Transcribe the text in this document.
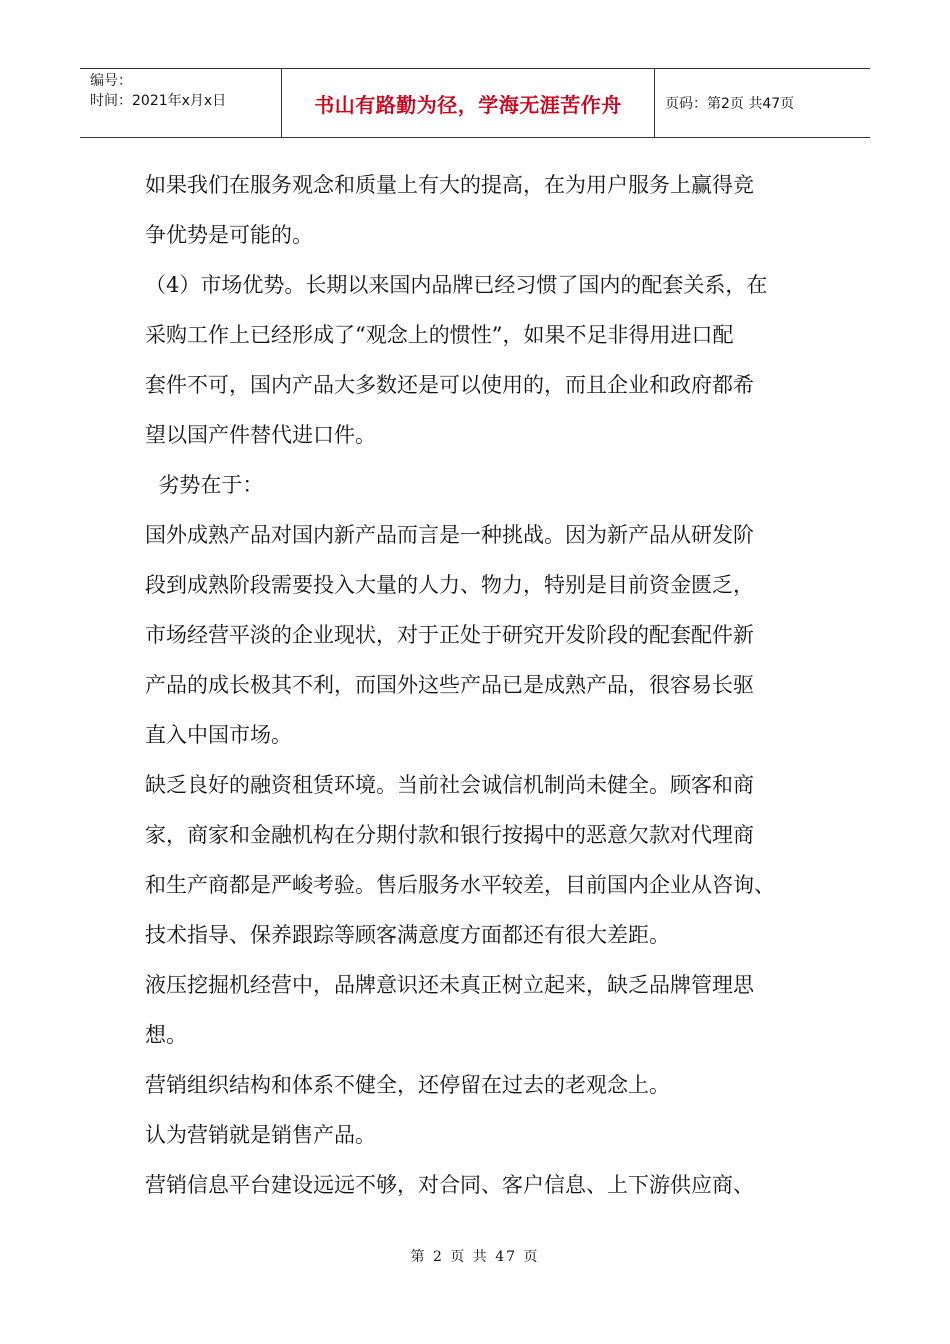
编号：
时间：2021年x月x日	书山有路勤为径，学海无涯苦作舟	页码：第2页 共47页

如果我们在服务观念和质量上有大的提高，在为用户服务上赢得竞

争优势是可能的。

（4）市场优势。长期以来国内品牌已经习惯了国内的配套关系，在

采购工作上已经形成了“观念上的惯性”，如果不足非得用进口配

套件不可，国内产品大多数还是可以使用的，而且企业和政府都希

望以国产件替代进口件。

劣势在于：

国外成熟产品对国内新产品而言是一种挑战。因为新产品从研发阶

段到成熟阶段需要投入大量的人力、物力，特别是目前资金匮乏，

市场经营平淡的企业现状，对于正处于研究开发阶段的配套配件新

产品的成长极其不利，而国外这些产品已是成熟产品，很容易长驱

直入中国市场。

缺乏良好的融资租赁环境。当前社会诚信机制尚未健全。顾客和商

家，商家和金融机构在分期付款和银行按揭中的恶意欠款对代理商

和生产商都是严峻考验。售后服务水平较差，目前国内企业从咨询、

技术指导、保养跟踪等顾客满意度方面都还有很大差距。

液压挖掘机经营中，品牌意识还未真正树立起来，缺乏品牌管理思

想。

营销组织结构和体系不健全，还停留在过去的老观念上。

认为营销就是销售产品。

营销信息平台建设远远不够，对合同、客户信息、上下游供应商、

第 2 页 共 47 页
